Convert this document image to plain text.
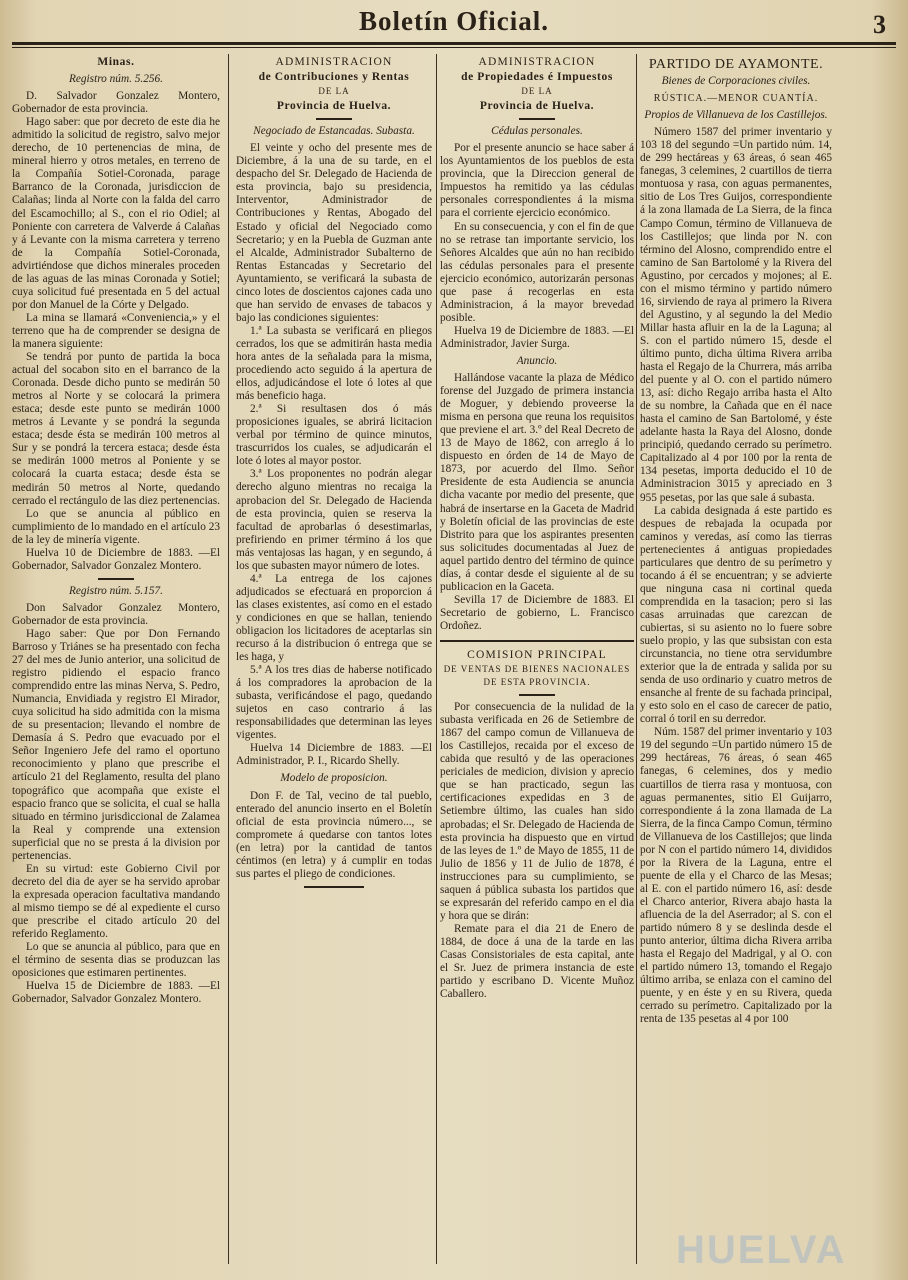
Boletín Oficial.	3
Minas.
Registro núm. 5.256.

D. Salvador Gonzalez Montero, Gobernador de esta provincia.

Hago saber: que por decreto de este dia he admitido la solicitud de registro, salvo mejor derecho, de 10 pertenencias de mina, de mineral hierro y otros metales, en terreno de la Compañía Sotiel-Coronada, parage Barranco de la Coronada, jurisdiccion de Calañas; linda al Norte con la falda del carro del Escamochillo; al S., con el rio Odiel; al Poniente con carretera de Valverde á Calañas y á Levante con la misma carretera y terreno de la Compañía Sotiel-Coronada, advirtiéndose que dichos minerales proceden de las aguas de las minas Coronada y Sotiel; cuya solicitud fué presentada en 5 del actual por don Manuel de la Córte y Delgado.

La mina se llamará «Conveniencia,» y el terreno que ha de comprender se designa de la manera siguiente:

Se tendrá por punto de partida la boca actual del socabon sito en el barranco de la Coronada. Desde dicho punto se medirán 50 metros al Norte y se colocará la primera estaca; desde este punto se medirán 1000 metros á Levante y se pondrá la segunda estaca; desde ésta se medirán 100 metros al Sur y se pondrá la tercera estaca; desde ésta se medirán 1000 metros al Poniente y se colocará la cuarta estaca; desde ésta se medirán 50 metros al Norte, quedando cerrado el rectángulo de las diez pertenencias.

Lo que se anuncia al público en cumplimiento de lo mandado en el artículo 23 de la ley de minería vigente.

Huelva 10 de Diciembre de 1883. —El Gobernador, Salvador Gonzalez Montero.

Registro núm. 5.157.

Don Salvador Gonzalez Montero, Gobernador de esta provincia.

Hago saber: Que por Don Fernando Barroso y Triánes se ha presentado con fecha 27 del mes de Junio anterior, una solicitud de registro pidiendo el espacio franco comprendido entre las minas Nerva, S. Pedro, Numancia, Envidiada y registro El Mirador, cuya solicitud ha sido admitida con la misma de su presentacion; llevando el nombre de Demasía á S. Pedro que evacuado por el Señor Ingeniero Jefe del ramo el oportuno reconocimiento y plano que prescribe el artículo 21 del Reglamento, resulta del plano topográfico que acompaña que existe el espacio franco que se solicita, el cual se halla situado en término jurisdiccional de Zalamea la Real y comprende una extension superficial que no se presta á la division por pertenencias.

En su virtud: este Gobierno Civil por decreto del dia de ayer se ha servido aprobar la expresada operacion facultativa mandando al mismo tiempo se dé al expediente el curso que prescribe el citado artículo 20 del referido Reglamento.

Lo que se anuncia al público, para que en el término de sesenta dias se produzcan las oposiciones que estimaren pertinentes.

Huelva 15 de Diciembre de 1883. —El Gobernador, Salvador Gonzalez Montero.

ADMINISTRACION
de Contribuciones y Rentas
DE LA
Provincia de Huelva.
Negociado de Estancadas. Subasta.

El veinte y ocho del presente mes de Diciembre, á la una de su tarde, en el despacho del Sr. Delegado de Hacienda de esta provincia, bajo su presidencia, Interventor, Administrador de Contribuciones y Rentas, Abogado del Estado y oficial del Negociado como Secretario; y en la Puebla de Guzman ante el Alcalde, Administrador Subalterno de Rentas Estancadas y Secretario del Ayuntamiento, se verificará la subasta de cinco lotes de doscientos cajones cada uno que han servido de envases de tabacos y bajo las condiciones siguientes:

1.ª La subasta se verificará en pliegos cerrados, los que se admitirán hasta media hora antes de la señalada para la misma, procediendo acto seguido á la apertura de ellos, adjudicándose el lote ó lotes al que más beneficio haga.

2.ª Si resultasen dos ó más proposiciones iguales, se abrirá licitacion verbal por término de quince minutos, trascurridos los cuales, se adjudicarán el lote ó lotes al mayor postor.

3.ª Los proponentes no podrán alegar derecho alguno mientras no recaiga la aprobacion del Sr. Delegado de Hacienda de esta provincia, quien se reserva la facultad de aprobarlas ó desestimarlas, prefiriendo en primer término á los que más ventajosas las hagan, y en segundo, á los que subasten mayor número de lotes.

4.ª La entrega de los cajones adjudicados se efectuará en proporcion á las clases existentes, así como en el estado y condiciones en que se hallan, teniendo obligacion los licitadores de aceptarlas sin recurso á la distribucion ó entrega que se les haga, y

5.ª A los tres dias de haberse notificado á los compradores la aprobacion de la subasta, verificándose el pago, quedando sujetos en caso contrario á las responsabilidades que determinan las leyes vigentes.

Huelva 14 Diciembre de 1883. —El Administrador, P. I., Ricardo Shelly.

Modelo de proposicion.

Don F. de Tal, vecino de tal pueblo, enterado del anuncio inserto en el Boletín oficial de esta provincia número..., se compromete á quedarse con tantos lotes (en letra) por la cantidad de tantos céntimos (en letra) y á cumplir en todas sus partes el pliego de condiciones.

ADMINISTRACION
de Propiedades é Impuestos
DE LA
Provincia de Huelva.
Cédulas personales.

Por el presente anuncio se hace saber á los Ayuntamientos de los pueblos de esta provincia, que la Direccion general de Impuestos ha remitido ya las cédulas personales correspondientes á la misma para el corriente ejercicio económico.

En su consecuencia, y con el fin de que no se retrase tan importante servicio, los Señores Alcaldes que aún no han recibido las cédulas personales para el presente ejercicio económico, autorizarán personas que pase á recogerlas en esta Administracion, á la mayor brevedad posible.

Huelva 19 de Diciembre de 1883. —El Administrador, Javier Surga.

Anuncio.

Hallándose vacante la plaza de Médico forense del Juzgado de primera instancia de Moguer, y debiendo proveerse la misma en persona que reuna los requisitos que previene el art. 3.º del Real Decreto de 13 de Mayo de 1862, con arreglo á lo dispuesto en órden de 14 de Mayo de 1873, por acuerdo del Ilmo. Señor Presidente de esta Audiencia se anuncia dicha vacante por medio del presente, que habrá de insertarse en la Gaceta de Madrid y Boletín oficial de las provincias de este Distrito para que los aspirantes presenten sus solicitudes documentadas al Juez de aquel partido dentro del término de quince días, á contar desde el siguiente al de su publicacion en la Gaceta.

Sevilla 17 de Diciembre de 1883. El Secretario de gobierno, L. Francisco Ordoñez.

COMISION PRINCIPAL
DE VENTAS DE BIENES NACIONALES DE ESTA PROVINCIA.

Por consecuencia de la nulidad de la subasta verificada en 26 de Setiembre de 1867 del campo comun de Villanueva de los Castillejos, recaida por el exceso de cabida que resultó y de las operaciones periciales de medicion, division y aprecio que se han practicado, segun las certificaciones expedidas en 3 de Setiembre último, las cuales han sido aprobadas; el Sr. Delegado de Hacienda de esta provincia ha dispuesto que en virtud de las leyes de 1.º de Mayo de 1855, 11 de Julio de 1856 y 11 de Julio de 1878, é instrucciones para su cumplimiento, se saquen á pública subasta los partidos que se expresarán del referido campo en el dia y hora que se dirán:

Remate para el dia 21 de Enero de 1884, de doce á una de la tarde en las Casas Consistoriales de esta capital, ante el Sr. Juez de primera instancia de este partido y escribano D. Vicente Muñoz Caballero.

PARTIDO DE AYAMONTE.
Bienes de Corporaciones civiles.
RÚSTICA.—MENOR CUANTÍA.
Propios de Villanueva de los Castillejos.

Número 1587 del primer inventario y 103 18 del segundo =Un partido núm. 14, de 299 hectáreas y 63 áreas, ó sean 465 fanegas, 3 celemines, 2 cuartillos de tierra montuosa y rasa, con aguas permanentes, sitio de Los Tres Guijos, correspondiente á la zona llamada de La Sierra, de la finca Campo Comun, término de Villanueva de los Castillejos; que linda por N. con término del Alosno, comprendido entre el camino de San Bartolomé y la Rivera del Agustino, por cercados y mojones; al E. con el mismo término y partido número 16, sirviendo de raya al primero la Rivera del Agustino, y al segundo la del Medio Millar hasta afluir en la de la Laguna; al S. con el partido número 15, desde el último punto, dicha última Rivera arriba hasta el Regajo de la Churrera, más arriba del puente y al O. con el partido número 13, así: dicho Regajo arriba hasta el Alto de su nombre, la Cañada que en él nace hasta el camino de San Bartolomé, y éste adelante hasta la Raya del Alosno, donde principió, quedando cerrado su perímetro. Capitalizado al 4 por 100 por la renta de 134 pesetas, importa deducido el 10 de Administracion 3015 y apreciado en 3 955 pesetas, por las que sale á subasta.

La cabida designada á este partido es despues de rebajada la ocupada por caminos y veredas, así como las tierras pertenecientes á antiguas propiedades particulares que dentro de su perímetro y tocando á él se encuentran; y se advierte que ninguna casa ni cortinal queda comprendida en la tasacion; pero si las casas arruinadas que carezcan de cubiertas, si su asiento no lo fuere sobre suelo propio, y las que subsistan con esta circunstancia, no tiene otra servidumbre exterior que la de entrada y salida por su senda de uso ordinario y cuatro metros de ensanche al frente de su fachada principal, y esto solo en el caso de carecer de patio, corral ó toril en su derredor.

Núm. 1587 del primer inventario y 103 19 del segundo =Un partido número 15 de 299 hectáreas, 76 áreas, ó sean 465 fanegas, 6 celemines, dos y medio cuartillos de tierra rasa y montuosa, con aguas permanentes, sitio El Guijarro, correspondiente á la zona llamada de La Sierra, de la finca Campo Comun, término de Villanueva de los Castillejos; que linda por N con el partido número 14, divididos por la Rivera de la Laguna, entre el puente de ella y el Charco de las Mesas; al E. con el partido número 16, así: desde el Charco anterior, Rivera abajo hasta la afluencia de la del Aserrador; al S. con el partido número 8 y se deslinda desde el punto anterior, última dicha Rivera arriba hasta el Regajo del Madrigal, y al O. con el partido número 13, tomando el Regajo último arriba, se enlaza con el camino del puente, y en éste y en su Rivera, queda cerrado su perímetro. Capitalizado por la renta de 135 pesetas al 4 por 100

HUELVA
